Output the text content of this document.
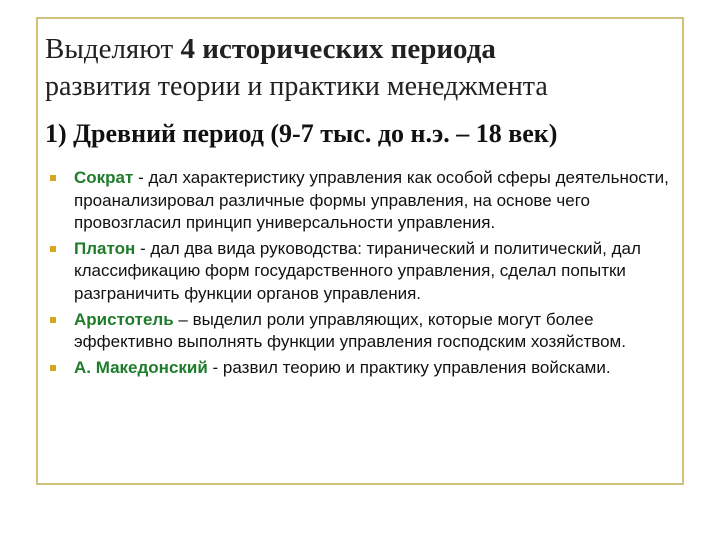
Выделяют 4 исторических периода
развития теории и практики менеджмента
1) Древний период (9-7 тыс. до н.э. – 18 век)
Сократ - дал характеристику управления как особой сферы деятельности, проанализировал различные формы управления, на основе чего провозгласил принцип универсальности управления.
Платон - дал два вида руководства: тиранический и политический, дал классификацию форм государственного управления, сделал попытки разграничить функции органов управления.
Аристотель – выделил роли управляющих, которые могут более эффективно выполнять функции управления господским хозяйством.
А. Македонский - развил теорию и практику управления войсками.
